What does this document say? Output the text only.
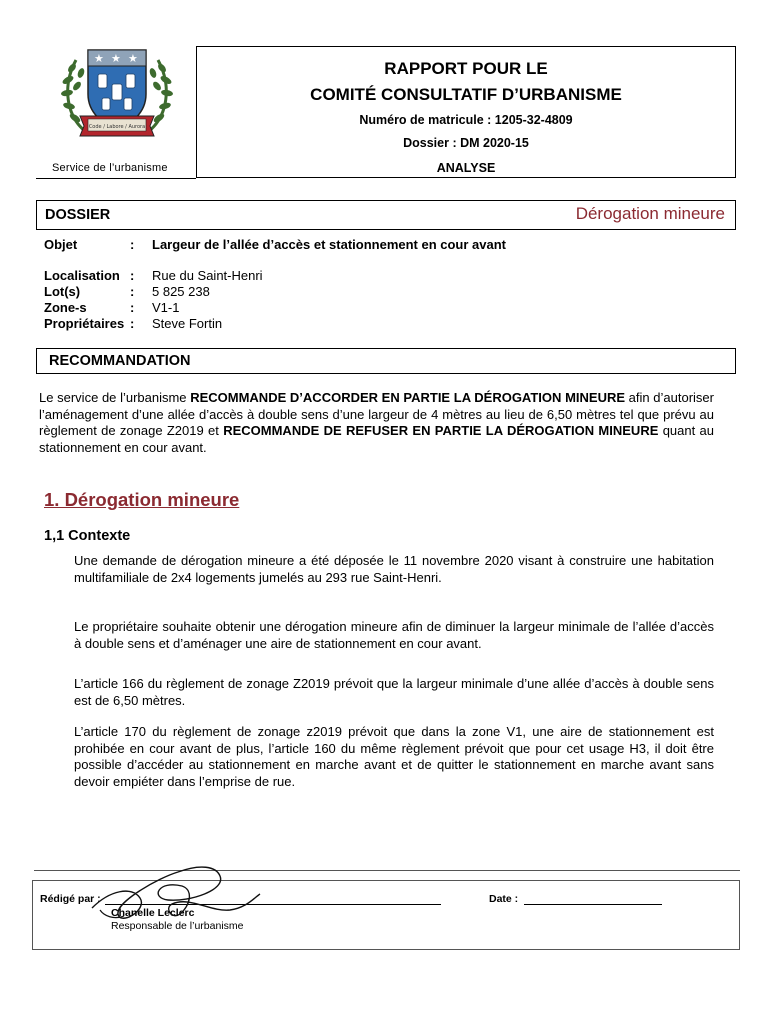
★ ★ ★
Code / Labore / Aurora
Service de l’urbanisme
RAPPORT POUR LE
COMITÉ CONSULTATIF D’URBANISME
Numéro de matricule : 1205-32-4809
Dossier : DM 2020-15
ANALYSE
DOSSIER	Dérogation mineure
Objet	: Largeur de l’allée d’accès et stationnement en cour avant
Localisation : Rue du Saint-Henri
Lot(s)	: 5 825 238
Zone-s	: V1-1
Propriétaires : Steve Fortin
RECOMMANDATION
Le service de l’urbanisme RECOMMANDE D’ACCORDER EN PARTIE LA DÉROGATION MINEURE afin d’autoriser l’aménagement d’une allée d’accès à double sens d’une largeur de 4 mètres au lieu de 6,50 mètres tel que prévu au règlement de zonage Z2019 et RECOMMANDE DE REFUSER EN PARTIE LA DÉROGATION MINEURE quant au stationnement en cour avant.
1. Dérogation mineure
1,1 Contexte
Une demande de dérogation mineure a été déposée le 11 novembre 2020 visant à construire une habitation multifamiliale de 2x4 logements jumelés au 293 rue Saint-Henri.
Le propriétaire souhaite obtenir une dérogation mineure afin de diminuer la largeur minimale de l’allée d’accès à double sens et d’aménager une aire de stationnement en cour avant.
L’article 166 du règlement de zonage Z2019 prévoit que la largeur minimale d’une allée d’accès à double sens est de 6,50 mètres.
L’article 170 du règlement de zonage z2019 prévoit que dans la zone V1, une aire de stationnement est prohibée en cour avant de plus, l’article 160 du même règlement prévoit que pour cet usage H3, il doit être possible d’accéder au stationnement en marche avant et de quitter le stationnement en marche avant sans devoir empiéter dans l’emprise de rue.
Rédigé par :	Date :
Chanelle Leclerc
Responsable de l’urbanisme
